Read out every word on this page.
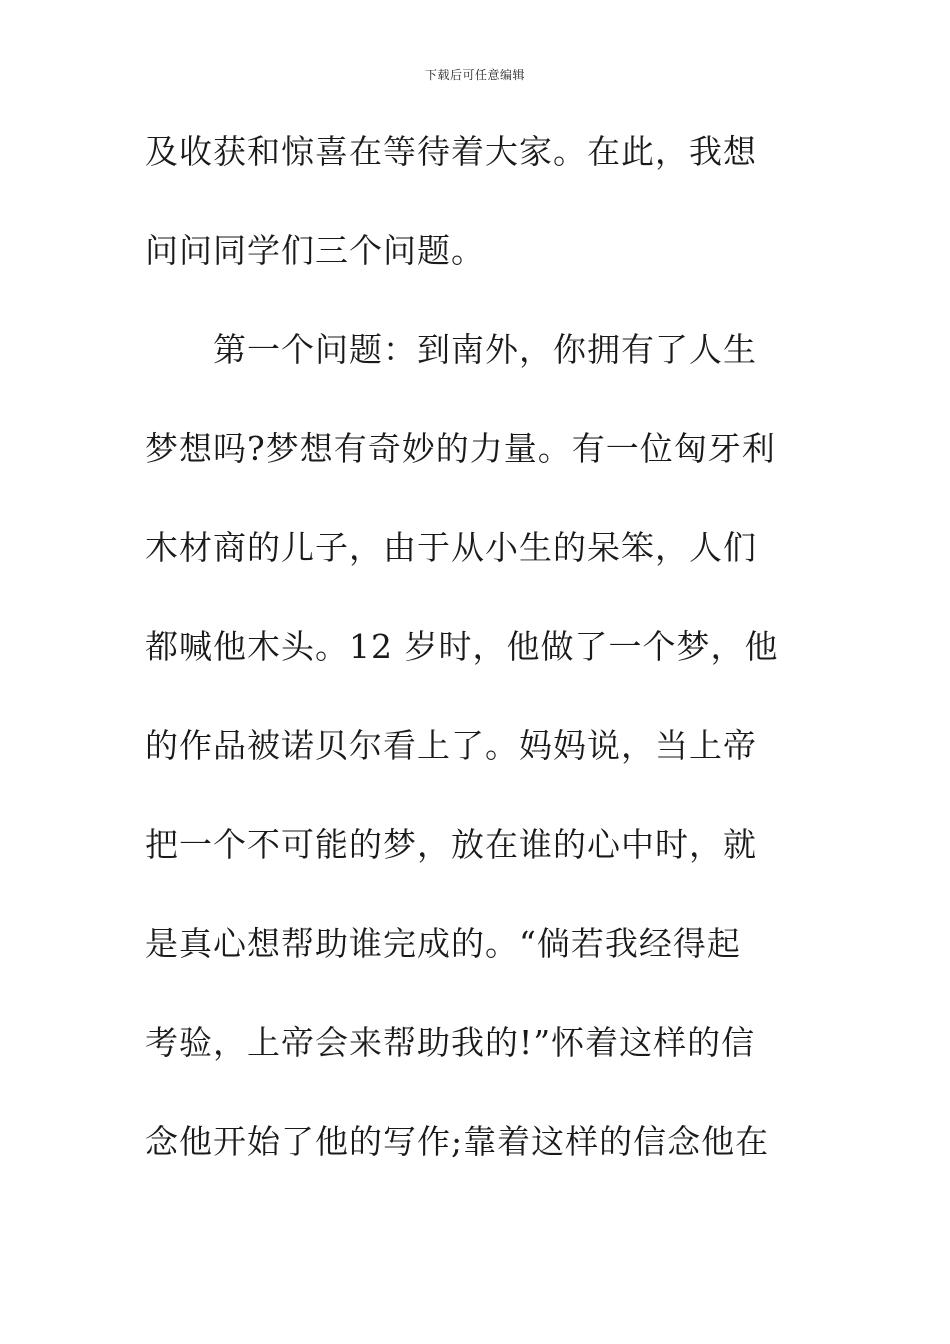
下载后可任意编辑
及收获和惊喜在等待着大家。在此，我想
问问同学们三个问题。
第一个问题：到南外，你拥有了人生
梦想吗?梦想有奇妙的力量。有一位匈牙利
木材商的儿子，由于从小生的呆笨，人们
都喊他木头。12 岁时，他做了一个梦，他
的作品被诺贝尔看上了。妈妈说，当上帝
把一个不可能的梦，放在谁的心中时，就
是真心想帮助谁完成的。“倘若我经得起
考验，上帝会来帮助我的!”怀着这样的信
念他开始了他的写作;靠着这样的信念他在
